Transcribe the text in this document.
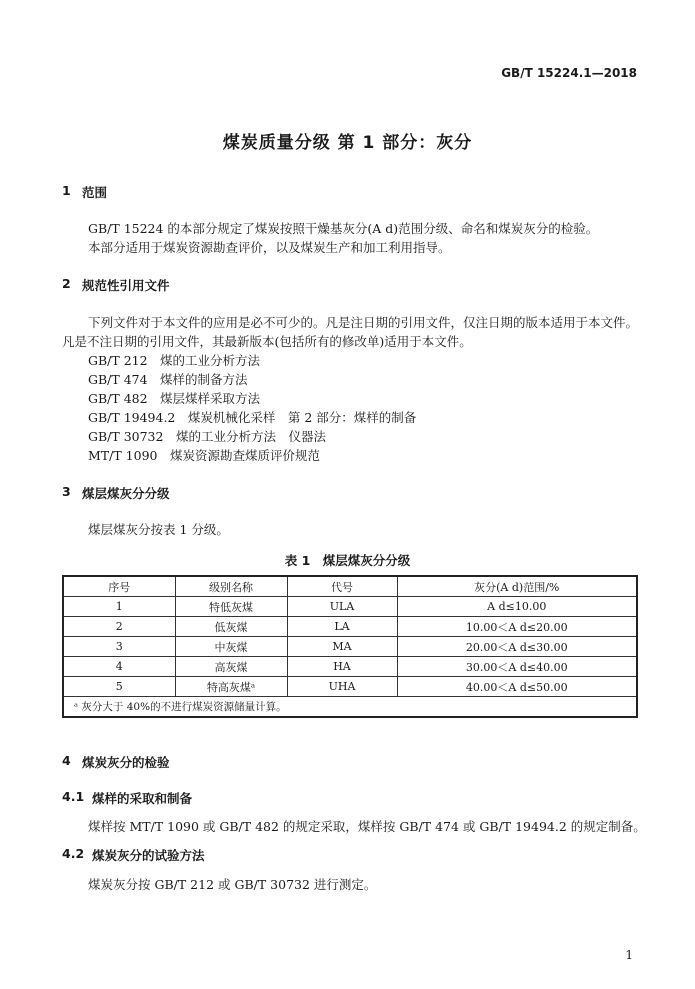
GB/T 15224.1—2018
煤炭质量分级 第 1 部分：灰分
1 范围
GB/T 15224 的本部分规定了煤炭按照干燥基灰分(A d)范围分级、命名和煤炭灰分的检验。
本部分适用于煤炭资源勘查评价，以及煤炭生产和加工利用指导。
2 规范性引用文件
下列文件对于本文件的应用是必不可少的。凡是注日期的引用文件，仅注日期的版本适用于本文件。
凡是不注日期的引用文件，其最新版本(包括所有的修改单)适用于本文件。
GB/T 212　煤的工业分析方法
GB/T 474　煤样的制备方法
GB/T 482　煤层煤样采取方法
GB/T 19494.2　煤炭机械化采样　第 2 部分：煤样的制备
GB/T 30732　煤的工业分析方法　仪器法
MT/T 1090　煤炭资源勘查煤质评价规范
3 煤层煤灰分分级
煤层煤灰分按表 1 分级。
表 1　煤层煤灰分分级
序号	级别名称	代号	灰分(A d)范围/%
1	特低灰煤	ULA	A d≤10.00
2	低灰煤	LA	10.00＜A d≤20.00
3	中灰煤	MA	20.00＜A d≤30.00
4	高灰煤	HA	30.00＜A d≤40.00
5	特高灰煤ᵃ	UHA	40.00＜A d≤50.00
ᵃ 灰分大于 40%的不进行煤炭资源储量计算。			
4 煤炭灰分的检验
4.1 煤样的采取和制备
煤样按 MT/T 1090 或 GB/T 482 的规定采取，煤样按 GB/T 474 或 GB/T 19494.2 的规定制备。
4.2 煤炭灰分的试验方法
煤炭灰分按 GB/T 212 或 GB/T 30732 进行测定。
1
